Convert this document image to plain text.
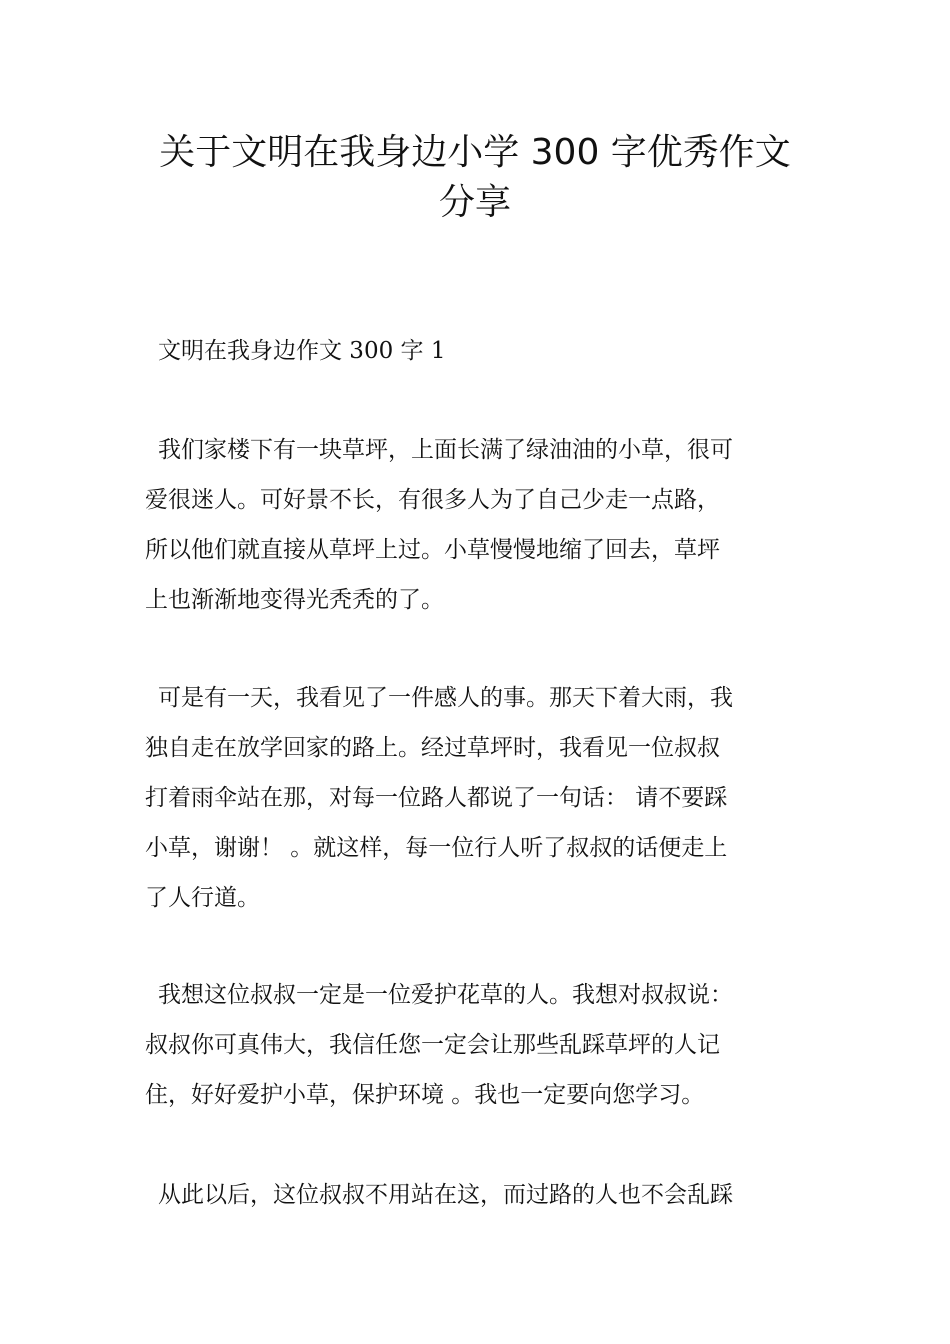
关于文明在我身边小学 300 字优秀作文
分享
文明在我身边作文 300 字 1

我们家楼下有一块草坪，上面长满了绿油油的小草，很可
爱很迷人。可好景不长，有很多人为了自己少走一点路，
所以他们就直接从草坪上过。小草慢慢地缩了回去，草坪
上也渐渐地变得光秃秃的了。

可是有一天，我看见了一件感人的事。那天下着大雨，我
独自走在放学回家的路上。经过草坪时，我看见一位叔叔
打着雨伞站在那，对每一位路人都说了一句话： 请不要踩
小草，谢谢！ 。就这样，每一位行人听了叔叔的话便走上
了人行道。

我想这位叔叔一定是一位爱护花草的人。我想对叔叔说：
叔叔你可真伟大，我信任您一定会让那些乱踩草坪的人记
住，好好爱护小草，保护环境 。我也一定要向您学习。

从此以后，这位叔叔不用站在这，而过路的人也不会乱踩
